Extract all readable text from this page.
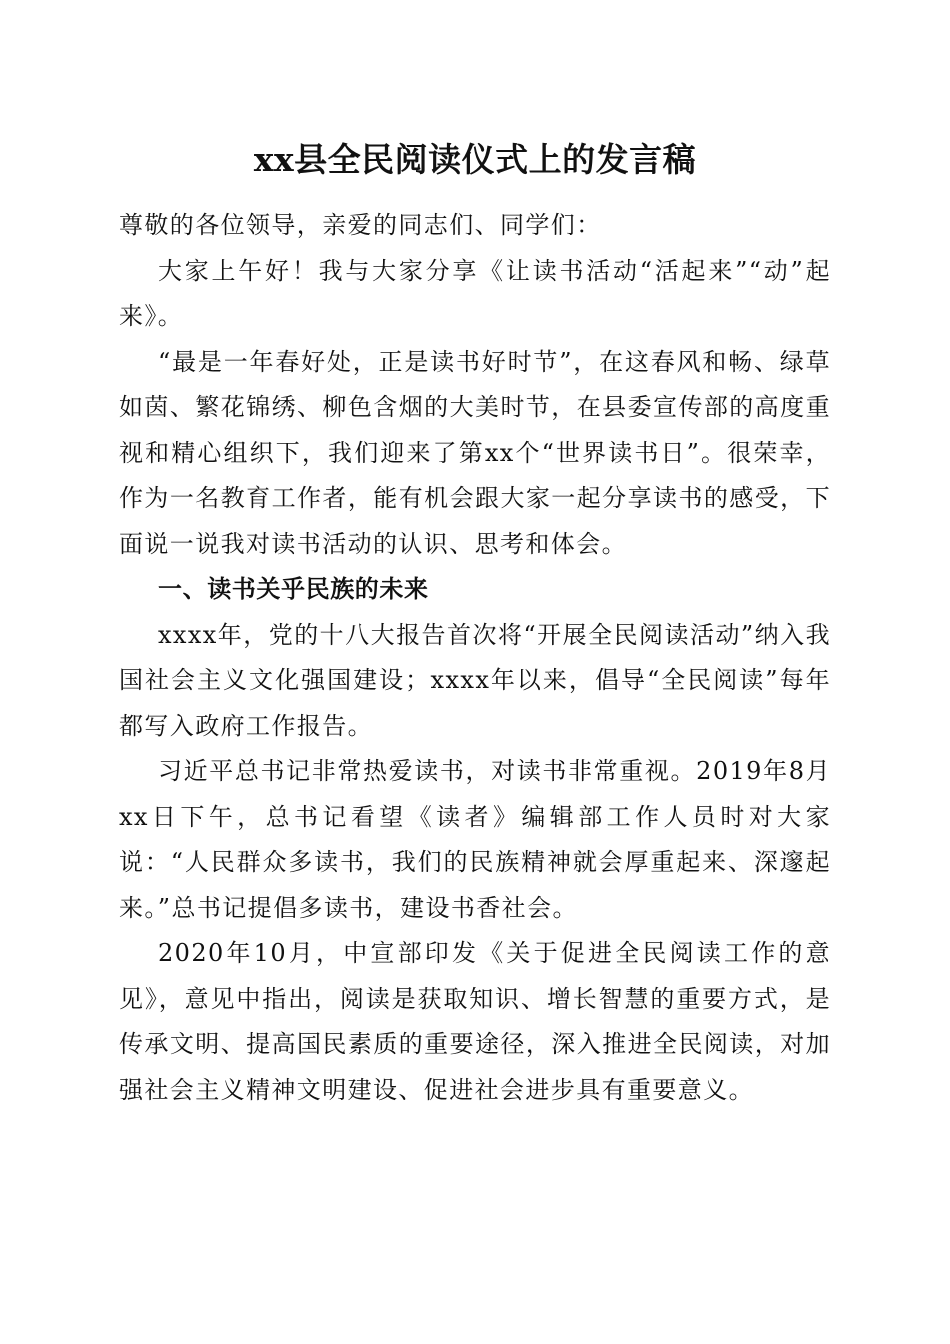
xx县全民阅读仪式上的发言稿

尊敬的各位领导，亲爱的同志们、同学们：

大家上午好！我与大家分享《让读书活动“活起来”“动”起来》。

“最是一年春好处，正是读书好时节”，在这春风和畅、绿草如茵、繁花锦绣、柳色含烟的大美时节，在县委宣传部的高度重视和精心组织下，我们迎来了第xx个“世界读书日”。很荣幸，作为一名教育工作者，能有机会跟大家一起分享读书的感受，下面说一说我对读书活动的认识、思考和体会。

一、读书关乎民族的未来

xxxx年，党的十八大报告首次将“开展全民阅读活动”纳入我国社会主义文化强国建设；xxxx年以来，倡导“全民阅读”每年都写入政府工作报告。

习近平总书记非常热爱读书，对读书非常重视。2019年8月xx日下午，总书记看望《读者》编辑部工作人员时对大家说：“人民群众多读书，我们的民族精神就会厚重起来、深邃起来。”总书记提倡多读书，建设书香社会。

2020年10月，中宣部印发《关于促进全民阅读工作的意见》，意见中指出，阅读是获取知识、增长智慧的重要方式，是传承文明、提高国民素质的重要途径，深入推进全民阅读，对加强社会主义精神文明建设、促进社会进步具有重要意义。
